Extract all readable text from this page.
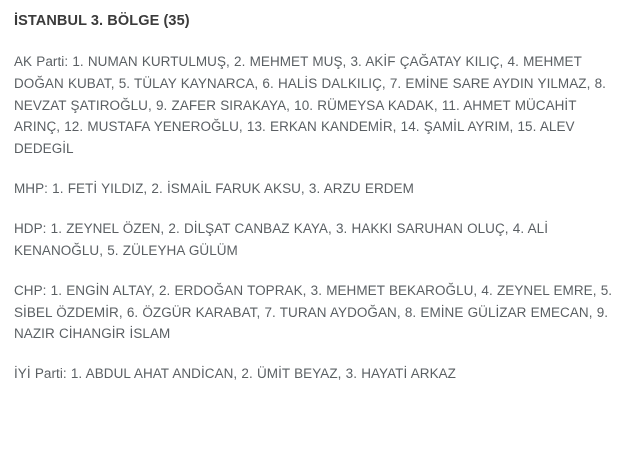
İSTANBUL 3. BÖLGE (35)

AK Parti: 1. NUMAN KURTULMUŞ, 2. MEHMET MUŞ, 3. AKİF ÇAĞATAY KILIÇ, 4. MEHMET DOĞAN KUBAT, 5. TÜLAY KAYNARCA, 6. HALİS DALKILIÇ, 7. EMİNE SARE AYDIN YILMAZ, 8. NEVZAT ŞATIROĞLU, 9. ZAFER SIRAKAYA, 10. RÜMEYSA KADAK, 11. AHMET MÜCAHİT ARINÇ, 12. MUSTAFA YENEROĞLU, 13. ERKAN KANDEMİR, 14. ŞAMİL AYRIM, 15. ALEV DEDEGİL

MHP: 1. FETİ YILDIZ, 2. İSMAİL FARUK AKSU, 3. ARZU ERDEM

HDP: 1. ZEYNEL ÖZEN, 2. DİLŞAT CANBAZ KAYA, 3. HAKKI SARUHAN OLUÇ, 4. ALİ KENANOĞLU, 5. ZÜLEYHA GÜLÜM

CHP: 1. ENGİN ALTAY, 2. ERDOĞAN TOPRAK, 3. MEHMET BEKAROĞLU, 4. ZEYNEL EMRE, 5. SİBEL ÖZDEMİR, 6. ÖZGÜR KARABAT, 7. TURAN AYDOĞAN, 8. EMİNE GÜLİZAR EMECAN, 9. NAZIR CİHANGİR İSLAM

İYİ Parti: 1. ABDUL AHAT ANDİCAN, 2. ÜMİT BEYAZ, 3. HAYATİ ARKAZ
